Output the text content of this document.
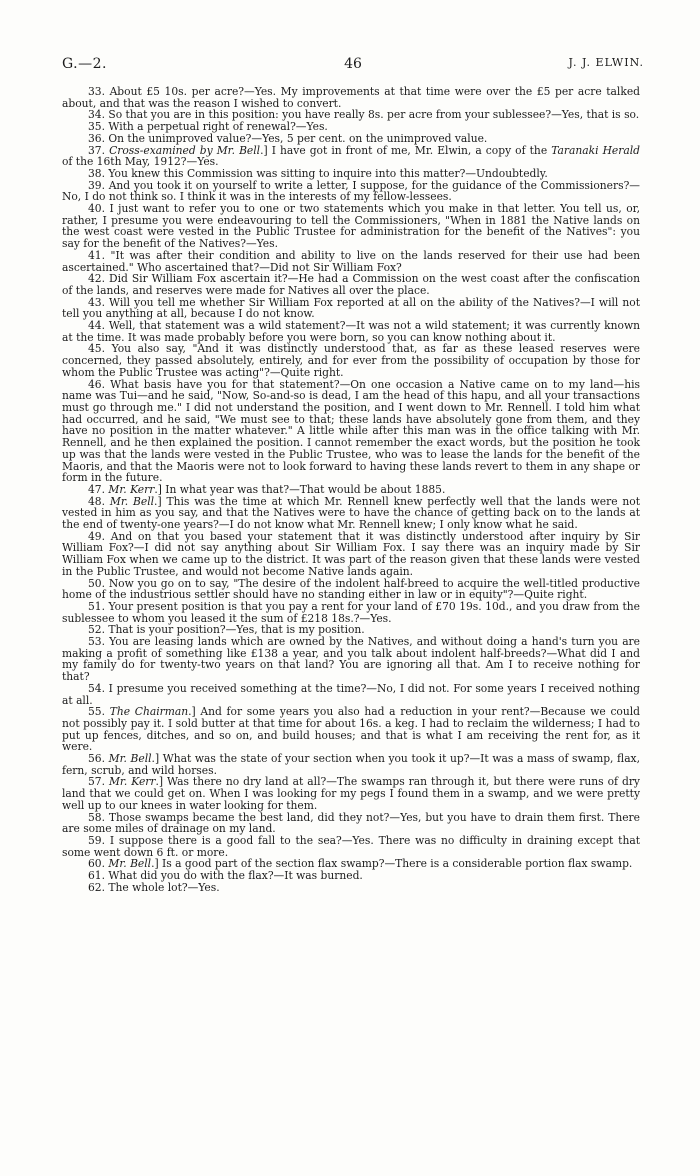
G.—2.	46	J. J. ELWIN.

33. About £5 10s. per acre?—Yes. My improvements at that time were over the £5 per acre talked about, and that was the reason I wished to convert.

34. So that you are in this position: you have really 8s. per acre from your sublessee?—Yes, that is so.

35. With a perpetual right of renewal?—Yes.

36. On the unimproved value?—Yes, 5 per cent. on the unimproved value.

37. Cross-examined by Mr. Bell.] I have got in front of me, Mr. Elwin, a copy of the Taranaki Herald of the 16th May, 1912?—Yes.

38. You knew this Commission was sitting to inquire into this matter?—Undoubtedly.

39. And you took it on yourself to write a letter, I suppose, for the guidance of the Commissioners?—No, I do not think so. I think it was in the interests of my fellow-lessees.

40. I just want to refer you to one or two statements which you make in that letter. You tell us, or, rather, I presume you were endeavouring to tell the Commissioners, "When in 1881 the Native lands on the west coast were vested in the Public Trustee for administration for the benefit of the Natives": you say for the benefit of the Natives?—Yes.

41. "It was after their condition and ability to live on the lands reserved for their use had been ascertained." Who ascertained that?—Did not Sir William Fox?

42. Did Sir William Fox ascertain it?—He had a Commission on the west coast after the confiscation of the lands, and reserves were made for Natives all over the place.

43. Will you tell me whether Sir William Fox reported at all on the ability of the Natives?—I will not tell you anything at all, because I do not know.

44. Well, that statement was a wild statement?—It was not a wild statement; it was currently known at the time. It was made probably before you were born, so you can know nothing about it.

45. You also say, "And it was distinctly understood that, as far as these leased reserves were concerned, they passed absolutely, entirely, and for ever from the possibility of occupation by those for whom the Public Trustee was acting"?—Quite right.

46. What basis have you for that statement?—On one occasion a Native came on to my land—his name was Tui—and he said, "Now, So-and-so is dead, I am the head of this hapu, and all your transactions must go through me." I did not understand the position, and I went down to Mr. Rennell. I told him what had occurred, and he said, "We must see to that; these lands have absolutely gone from them, and they have no position in the matter whatever." A little while after this man was in the office talking with Mr. Rennell, and he then explained the position. I cannot remember the exact words, but the position he took up was that the lands were vested in the Public Trustee, who was to lease the lands for the benefit of the Maoris, and that the Maoris were not to look forward to having these lands revert to them in any shape or form in the future.

47. Mr. Kerr.] In what year was that?—That would be about 1885.

48. Mr. Bell.] This was the time at which Mr. Rennell knew perfectly well that the lands were not vested in him as you say, and that the Natives were to have the chance of getting back on to the lands at the end of twenty-one years?—I do not know what Mr. Rennell knew; I only know what he said.

49. And on that you based your statement that it was distinctly understood after inquiry by Sir William Fox?—I did not say anything about Sir William Fox. I say there was an inquiry made by Sir William Fox when we came up to the district. It was part of the reason given that these lands were vested in the Public Trustee, and would not become Native lands again.

50. Now you go on to say, "The desire of the indolent half-breed to acquire the well-titled productive home of the industrious settler should have no standing either in law or in equity"?—Quite right.

51. Your present position is that you pay a rent for your land of £70 19s. 10d., and you draw from the sublessee to whom you leased it the sum of £218 18s.?—Yes.

52. That is your position?—Yes, that is my position.

53. You are leasing lands which are owned by the Natives, and without doing a hand's turn you are making a profit of something like £138 a year, and you talk about indolent half-breeds?—What did I and my family do for twenty-two years on that land? You are ignoring all that. Am I to receive nothing for that?

54. I presume you received something at the time?—No, I did not. For some years I received nothing at all.

55. The Chairman.] And for some years you also had a reduction in your rent?—Because we could not possibly pay it. I sold butter at that time for about 16s. a keg. I had to reclaim the wilderness; I had to put up fences, ditches, and so on, and build houses; and that is what I am receiving the rent for, as it were.

56. Mr. Bell.] What was the state of your section when you took it up?—It was a mass of swamp, flax, fern, scrub, and wild horses.

57. Mr. Kerr.] Was there no dry land at all?—The swamps ran through it, but there were runs of dry land that we could get on. When I was looking for my pegs I found them in a swamp, and we were pretty well up to our knees in water looking for them.

58. Those swamps became the best land, did they not?—Yes, but you have to drain them first. There are some miles of drainage on my land.

59. I suppose there is a good fall to the sea?—Yes. There was no difficulty in draining except that some went down 6 ft. or more.

60. Mr. Bell.] Is a good part of the section flax swamp?—There is a considerable portion flax swamp.

61. What did you do with the flax?—It was burned.

62. The whole lot?—Yes.
